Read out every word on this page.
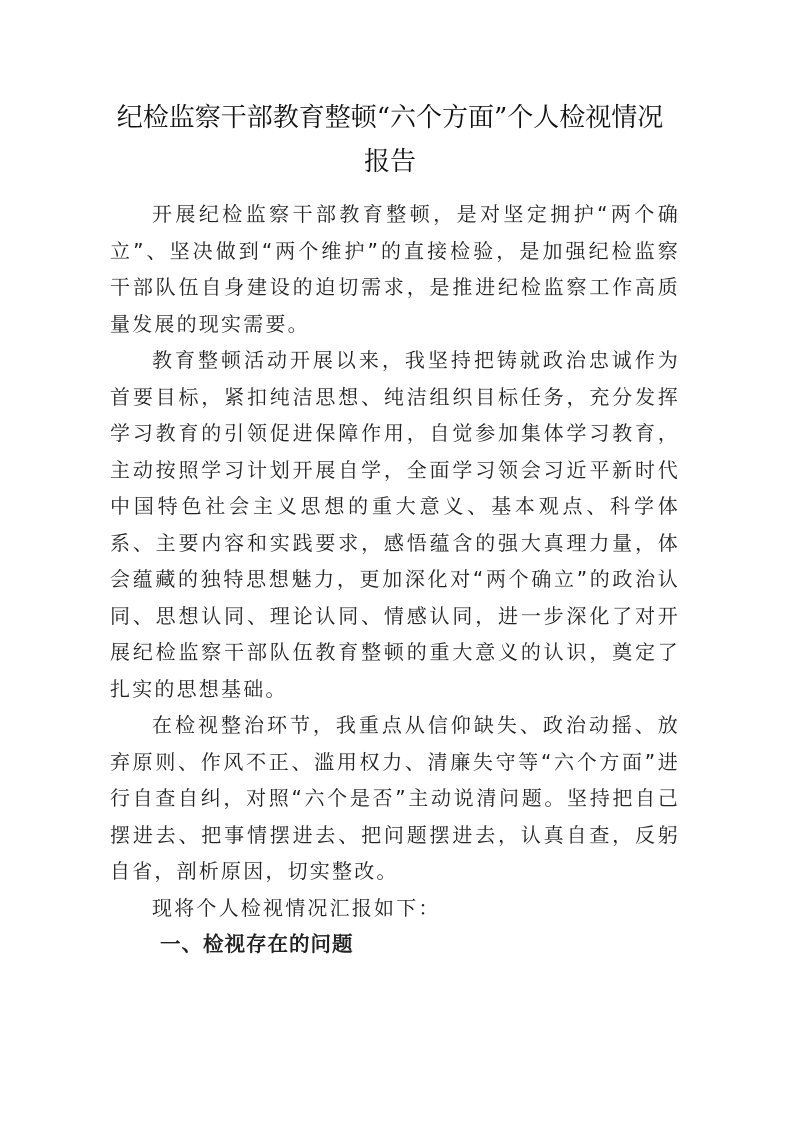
纪检监察干部教育整顿“六个方面”个人检视情况
报告

开展纪检监察干部教育整顿，是对坚定拥护“两个确立”、坚决做到“两个维护”的直接检验，是加强纪检监察干部队伍自身建设的迫切需求，是推进纪检监察工作高质量发展的现实需要。

教育整顿活动开展以来，我坚持把铸就政治忠诚作为首要目标，紧扣纯洁思想、纯洁组织目标任务，充分发挥学习教育的引领促进保障作用，自觉参加集体学习教育，主动按照学习计划开展自学，全面学习领会习近平新时代中国特色社会主义思想的重大意义、基本观点、科学体系、主要内容和实践要求，感悟蕴含的强大真理力量，体会蕴藏的独特思想魅力，更加深化对“两个确立”的政治认同、思想认同、理论认同、情感认同，进一步深化了对开展纪检监察干部队伍教育整顿的重大意义的认识，奠定了扎实的思想基础。

在检视整治环节，我重点从信仰缺失、政治动摇、放弃原则、作风不正、滥用权力、清廉失守等“六个方面”进行自查自纠，对照“六个是否”主动说清问题。坚持把自己摆进去、把事情摆进去、把问题摆进去，认真自查，反躬自省，剖析原因，切实整改。

现将个人检视情况汇报如下：

一、检视存在的问题
